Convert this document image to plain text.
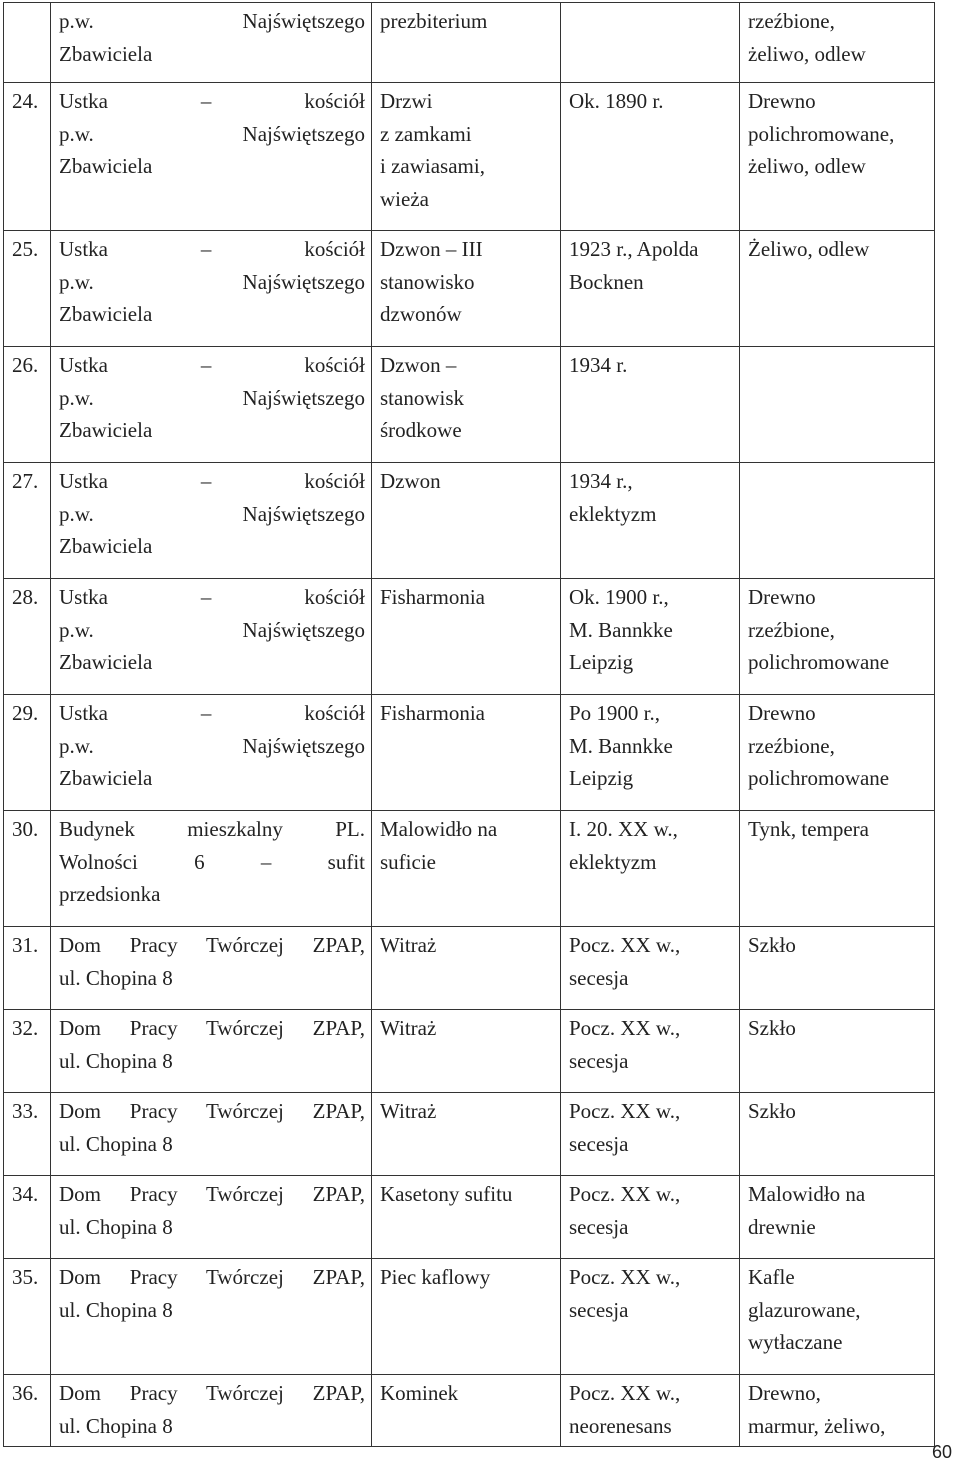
	p.w. Najświętszego
Zbawiciela	prezbiterium		rzeźbione,
żeliwo, odlew

24.	Ustka – kościół
p.w. Najświętszego
Zbawiciela	Drzwi
z zamkami
i zawiasami,
wieża	Ok. 1890 r.	Drewno
polichromowane,
żeliwo, odlew

25.	Ustka – kościół
p.w. Najświętszego
Zbawiciela	Dzwon – III
stanowisko
dzwonów	1923 r., Apolda
Bocknen	Żeliwo, odlew

26.	Ustka – kościół
p.w. Najświętszego
Zbawiciela	Dzwon –
stanowisk
środkowe	1934 r.	

27.	Ustka – kościół
p.w. Najświętszego
Zbawiciela	Dzwon	1934 r.,
eklektyzm	

28.	Ustka – kościół
p.w. Najświętszego
Zbawiciela	Fisharmonia	Ok. 1900 r.,
M. Bannkke
Leipzig	Drewno
rzeźbione,
polichromowane

29.	Ustka – kościół
p.w. Najświętszego
Zbawiciela	Fisharmonia	Po 1900 r.,
M. Bannkke
Leipzig	Drewno
rzeźbione,
polichromowane

30.	Budynek mieszkalny PL.
Wolności 6 – sufit
przedsionka	Malowidło na
suficie	I. 20. XX w.,
eklektyzm	Tynk, tempera

31.	Dom Pracy Twórczej ZPAP,
ul. Chopina 8	Witraż	Pocz. XX w.,
secesja	Szkło

32.	Dom Pracy Twórczej ZPAP,
ul. Chopina 8	Witraż	Pocz. XX w.,
secesja	Szkło

33.	Dom Pracy Twórczej ZPAP,
ul. Chopina 8	Witraż	Pocz. XX w.,
secesja	Szkło

34.	Dom Pracy Twórczej ZPAP,
ul. Chopina 8	Kasetony sufitu	Pocz. XX w.,
secesja	Malowidło na
drewnie

35.	Dom Pracy Twórczej ZPAP,
ul. Chopina 8	Piec kaflowy	Pocz. XX w.,
secesja	Kafle
glazurowane,
wytłaczane

36.	Dom Pracy Twórczej ZPAP,
ul. Chopina 8	Kominek	Pocz. XX w.,
neorenesans	Drewno,
marmur, żeliwo,
60
